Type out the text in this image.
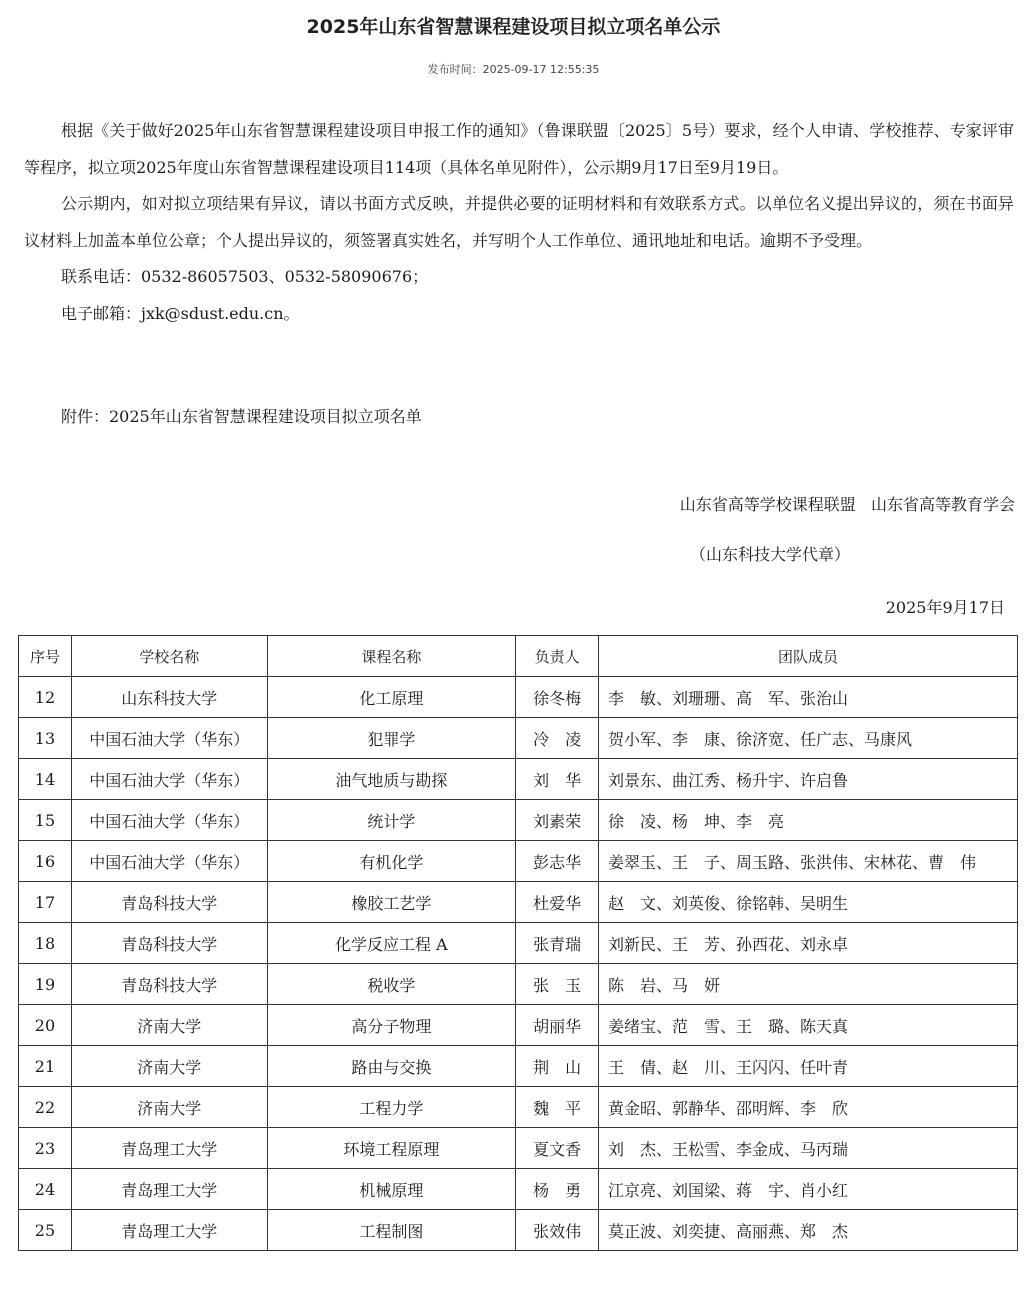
2025年山东省智慧课程建设项目拟立项名单公示
发布时间：2025-09-17 12:55:35

根据《关于做好2025年山东省智慧课程建设项目申报工作的通知》（鲁课联盟〔2025〕5号）要求，经个人申请、学校推荐、专家评审等程序，拟立项2025年度山东省智慧课程建设项目114项（具体名单见附件），公示期9月17日至9月19日。

公示期内，如对拟立项结果有异议，请以书面方式反映，并提供必要的证明材料和有效联系方式。以单位名义提出异议的，须在书面异议材料上加盖本单位公章；个人提出异议的，须签署真实姓名，并写明个人工作单位、通讯地址和电话。逾期不予受理。

联系电话：0532-86057503、0532-58090676；

电子邮箱：jxk@sdust.edu.cn。

附件：2025年山东省智慧课程建设项目拟立项名单
山东省高等学校课程联盟   山东省高等教育学会
（山东科技大学代章）
2025年9月17日
序号	学校名称	课程名称	负责人	团队成员
12	山东科技大学	化工原理	徐冬梅	李　敏、刘珊珊、高　军、张治山
13	中国石油大学（华东）	犯罪学	冷　凌	贺小军、李　康、徐济宽、任广志、马康风
14	中国石油大学（华东）	油气地质与勘探	刘　华	刘景东、曲江秀、杨升宇、许启鲁
15	中国石油大学（华东）	统计学	刘素荣	徐　凌、杨　坤、李　亮
16	中国石油大学（华东）	有机化学	彭志华	姜翠玉、王　子、周玉路、张洪伟、宋林花、曹　伟
17	青岛科技大学	橡胶工艺学	杜爱华	赵　文、刘英俊、徐铭韩、吴明生
18	青岛科技大学	化学反应工程 A	张青瑞	刘新民、王　芳、孙西花、刘永卓
19	青岛科技大学	税收学	张　玉	陈　岩、马　妍
20	济南大学	高分子物理	胡丽华	姜绪宝、范　雪、王　璐、陈天真
21	济南大学	路由与交换	荆　山	王　倩、赵　川、王闪闪、任叶青
22	济南大学	工程力学	魏　平	黄金昭、郭静华、邵明辉、李　欣
23	青岛理工大学	环境工程原理	夏文香	刘　杰、王松雪、李金成、马丙瑞
24	青岛理工大学	机械原理	杨　勇	江京亮、刘国梁、蒋　宇、肖小红
25	青岛理工大学	工程制图	张效伟	莫正波、刘奕捷、高丽燕、郑　杰
